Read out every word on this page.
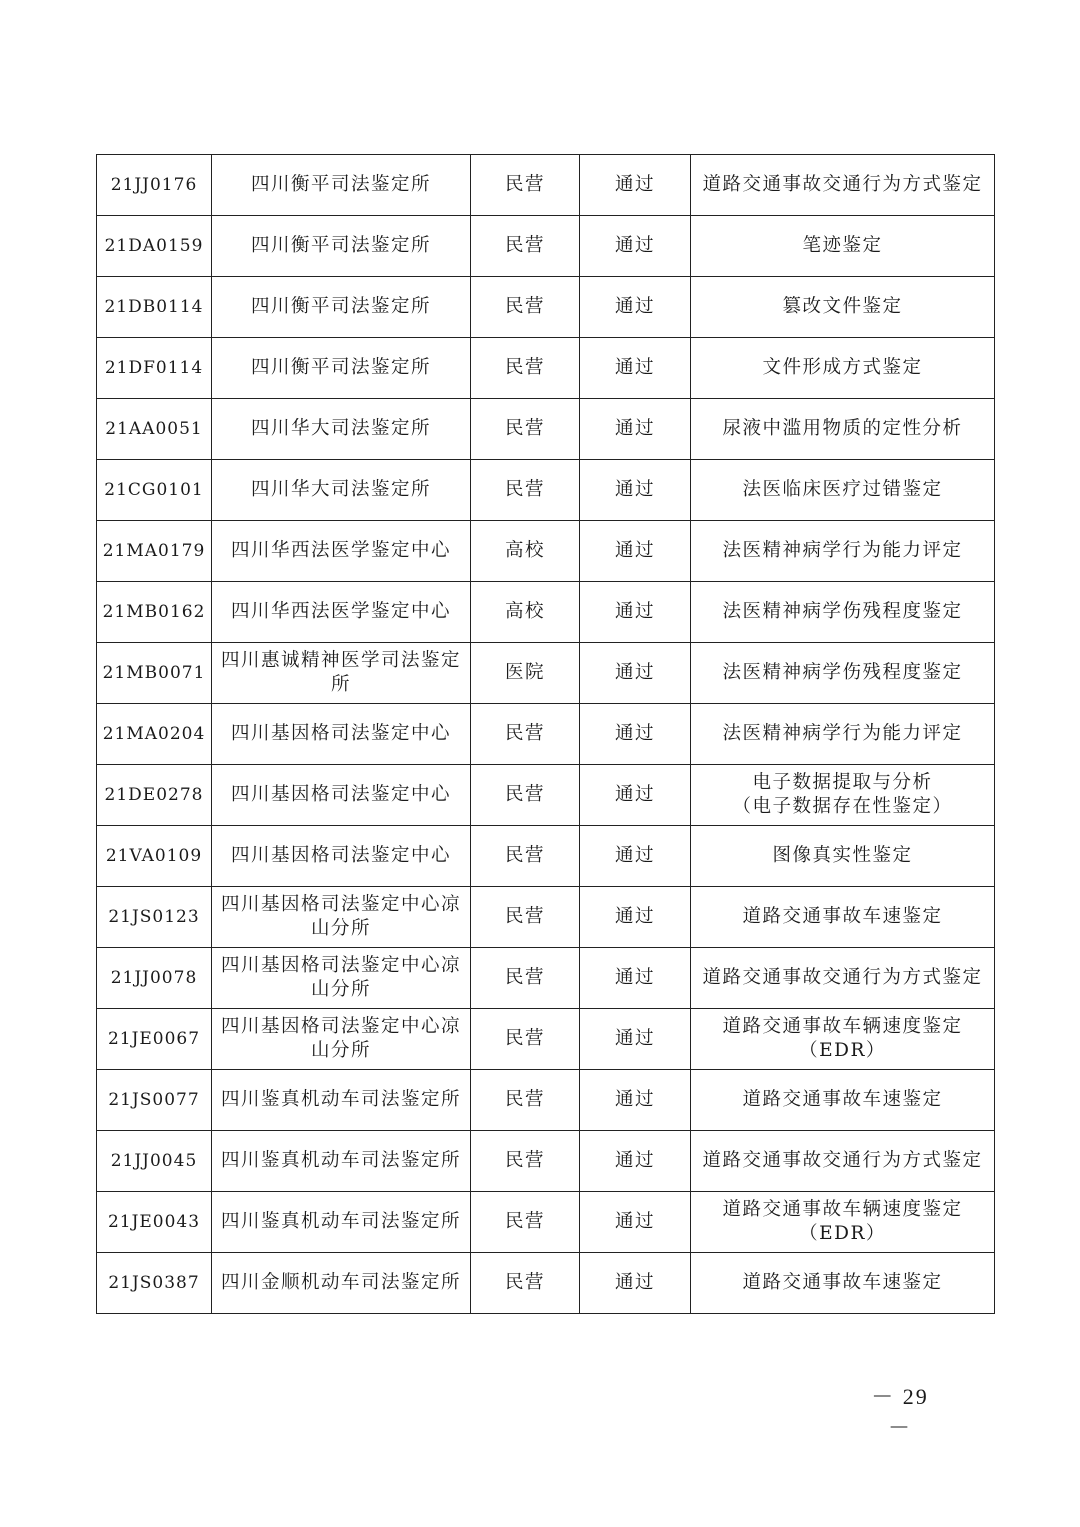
21JJ0176	四川衡平司法鉴定所	民营	通过	道路交通事故交通行为方式鉴定
21DA0159	四川衡平司法鉴定所	民营	通过	笔迹鉴定
21DB0114	四川衡平司法鉴定所	民营	通过	篡改文件鉴定
21DF0114	四川衡平司法鉴定所	民营	通过	文件形成方式鉴定
21AA0051	四川华大司法鉴定所	民营	通过	尿液中滥用物质的定性分析
21CG0101	四川华大司法鉴定所	民营	通过	法医临床医疗过错鉴定
21MA0179	四川华西法医学鉴定中心	高校	通过	法医精神病学行为能力评定
21MB0162	四川华西法医学鉴定中心	高校	通过	法医精神病学伤残程度鉴定
21MB0071	四川惠诚精神医学司法鉴定所	医院	通过	法医精神病学伤残程度鉴定
21MA0204	四川基因格司法鉴定中心	民营	通过	法医精神病学行为能力评定
21DE0278	四川基因格司法鉴定中心	民营	通过	电子数据提取与分析
（电子数据存在性鉴定）
21VA0109	四川基因格司法鉴定中心	民营	通过	图像真实性鉴定
21JS0123	四川基因格司法鉴定中心凉
山分所	民营	通过	道路交通事故车速鉴定
21JJ0078	四川基因格司法鉴定中心凉
山分所	民营	通过	道路交通事故交通行为方式鉴定
21JE0067	四川基因格司法鉴定中心凉
山分所	民营	通过	道路交通事故车辆速度鉴定（EDR）
21JS0077	四川鉴真机动车司法鉴定所	民营	通过	道路交通事故车速鉴定
21JJ0045	四川鉴真机动车司法鉴定所	民营	通过	道路交通事故交通行为方式鉴定
21JE0043	四川鉴真机动车司法鉴定所	民营	通过	道路交通事故车辆速度鉴定（EDR）
21JS0387	四川金顺机动车司法鉴定所	民营	通过	道路交通事故车速鉴定
－ 29 －
